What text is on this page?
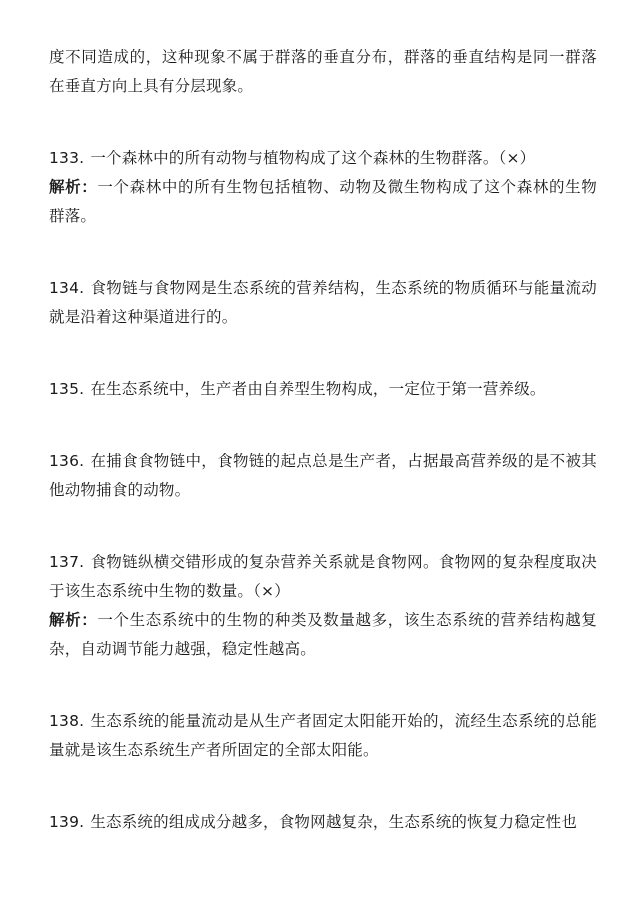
度不同造成的，这种现象不属于群落的垂直分布，群落的垂直结构是同一群落在垂直方向上具有分层现象。

133. 一个森林中的所有动物与植物构成了这个森林的生物群落。（×）

解析：一个森林中的所有生物包括植物、动物及微生物构成了这个森林的生物群落。

134. 食物链与食物网是生态系统的营养结构，生态系统的物质循环与能量流动就是沿着这种渠道进行的。

135. 在生态系统中，生产者由自养型生物构成，一定位于第一营养级。

136. 在捕食食物链中，食物链的起点总是生产者，占据最高营养级的是不被其他动物捕食的动物。

137. 食物链纵横交错形成的复杂营养关系就是食物网。食物网的复杂程度取决于该生态系统中生物的数量。（×）

解析：一个生态系统中的生物的种类及数量越多，该生态系统的营养结构越复杂，自动调节能力越强，稳定性越高。

138. 生态系统的能量流动是从生产者固定太阳能开始的，流经生态系统的总能量就是该生态系统生产者所固定的全部太阳能。

139. 生态系统的组成成分越多，食物网越复杂，生态系统的恢复力稳定性也
